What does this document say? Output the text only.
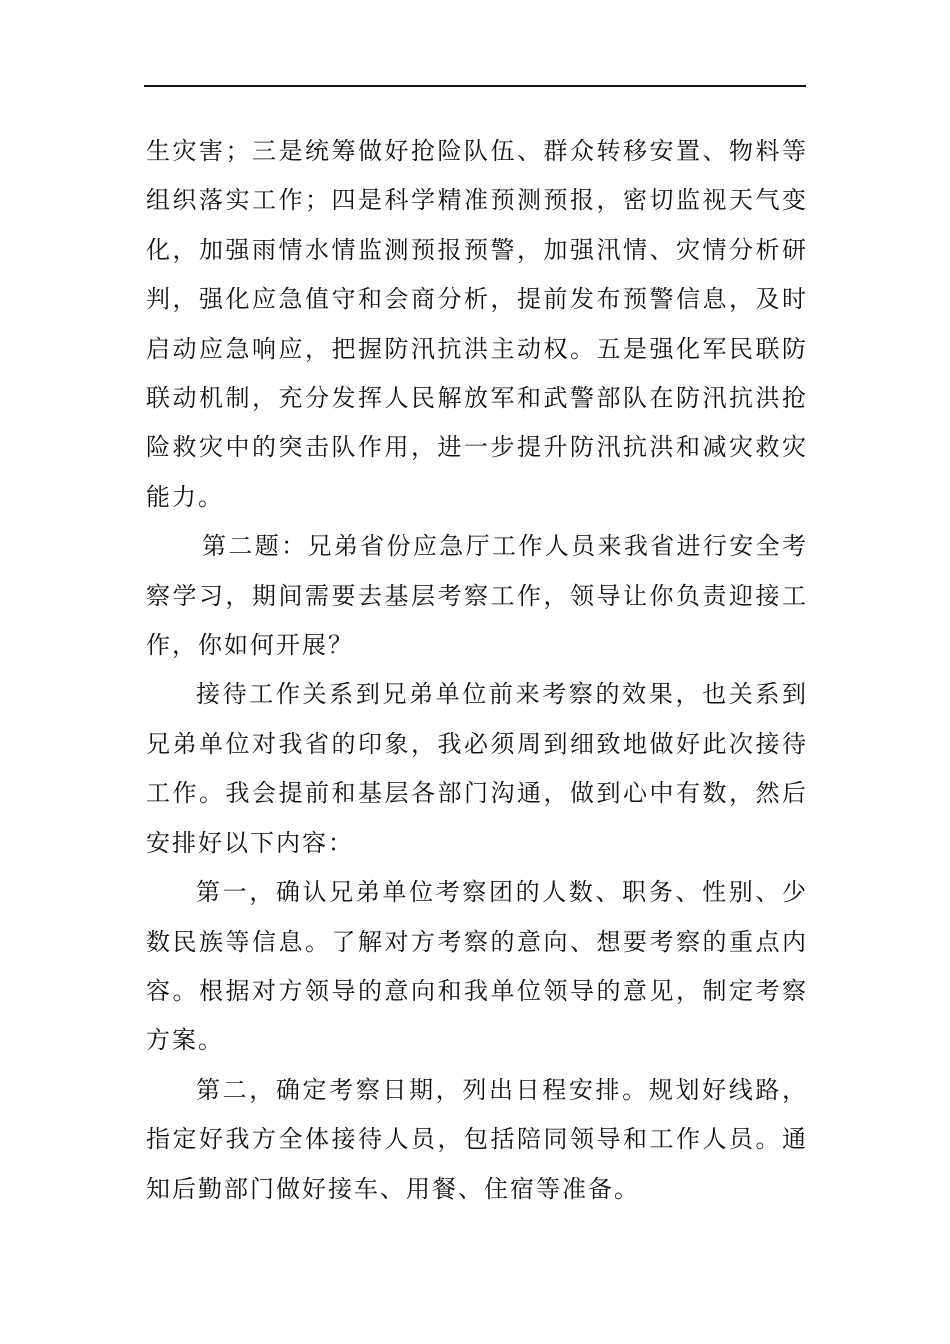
生灾害；三是统筹做好抢险队伍、群众转移安置、物料等组织落实工作；四是科学精准预测预报，密切监视天气变化，加强雨情水情监测预报预警，加强汛情、灾情分析研判，强化应急值守和会商分析，提前发布预警信息，及时启动应急响应，把握防汛抗洪主动权。五是强化军民联防联动机制，充分发挥人民解放军和武警部队在防汛抗洪抢险救灾中的突击队作用，进一步提升防汛抗洪和减灾救灾能力。

第二题：兄弟省份应急厅工作人员来我省进行安全考察学习，期间需要去基层考察工作，领导让你负责迎接工作，你如何开展？

接待工作关系到兄弟单位前来考察的效果，也关系到兄弟单位对我省的印象，我必须周到细致地做好此次接待工作。我会提前和基层各部门沟通，做到心中有数，然后安排好以下内容：

第一，确认兄弟单位考察团的人数、职务、性别、少数民族等信息。了解对方考察的意向、想要考察的重点内容。根据对方领导的意向和我单位领导的意见，制定考察方案。

第二，确定考察日期，列出日程安排。规划好线路，指定好我方全体接待人员，包括陪同领导和工作人员。通知后勤部门做好接车、用餐、住宿等准备。
